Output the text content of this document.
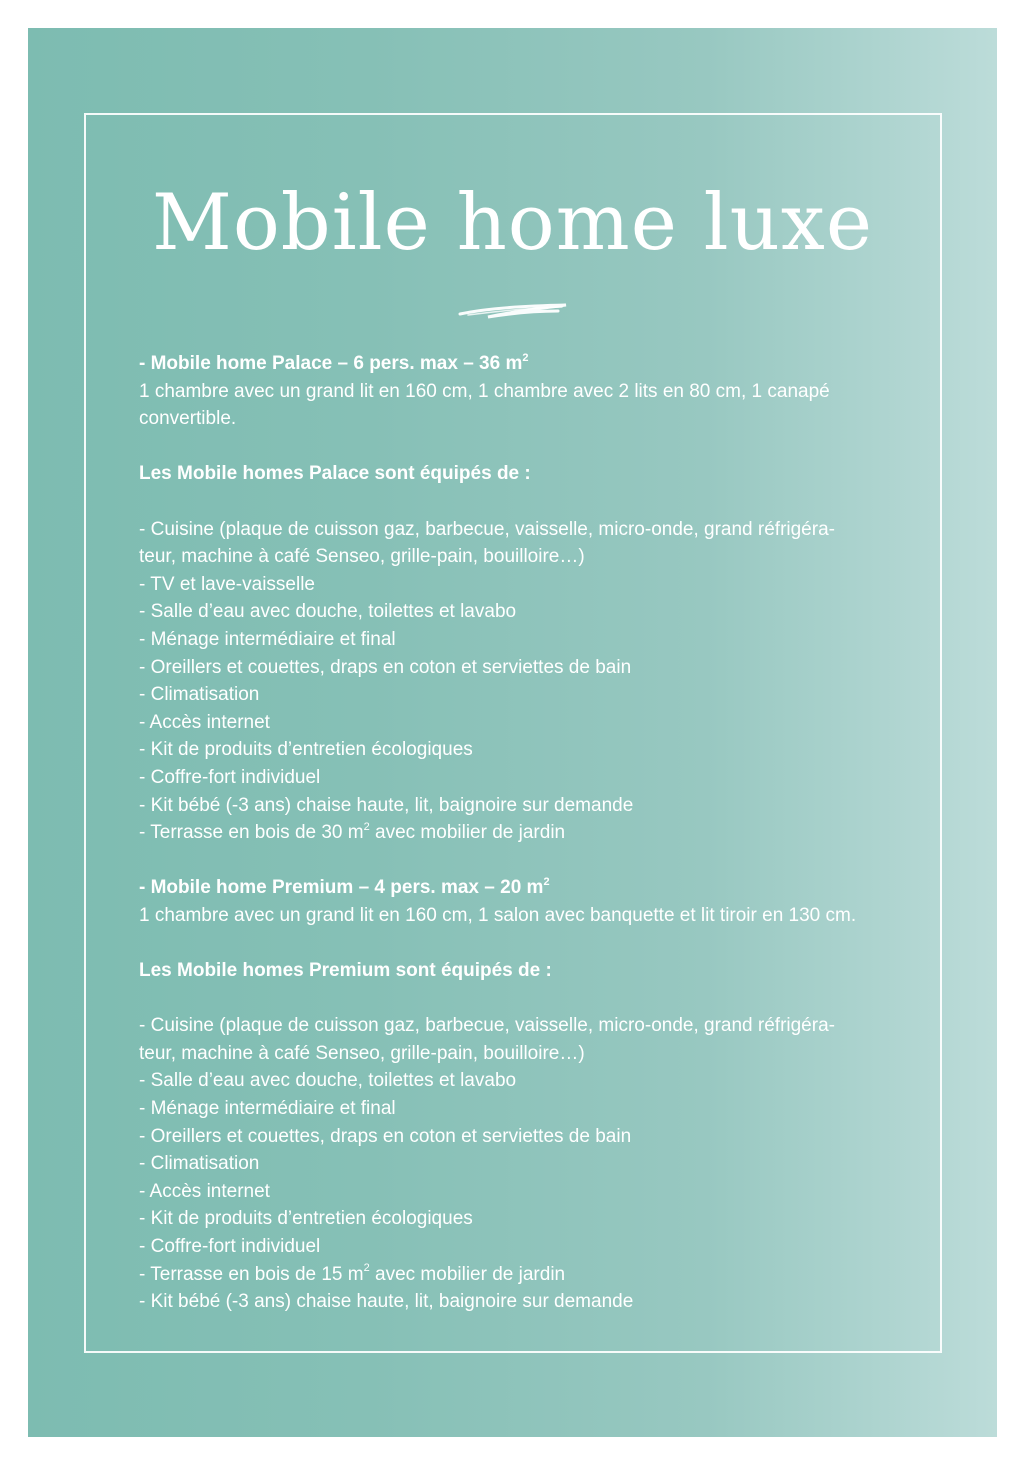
Mobile home luxe

- Mobile home Palace – 6 pers. max – 36 $m^2$

1 chambre avec un grand lit en 160 cm, 1 chambre avec 2 lits en 80 cm, 1 canapé

convertible.

Les Mobile homes Palace sont équipés de :

- Cuisine (plaque de cuisson gaz, barbecue, vaisselle, micro-onde, grand réfrigéra-

teur, machine à café Senseo, grille-pain, bouilloire…)

- TV et lave-vaisselle

- Salle d’eau avec douche, toilettes et lavabo

- Ménage intermédiaire et final

- Oreillers et couettes, draps en coton et serviettes de bain

- Climatisation

- Accès internet

- Kit de produits d’entretien écologiques

- Coffre-fort individuel

- Kit bébé (-3 ans) chaise haute, lit, baignoire sur demande

- Terrasse en bois de 30 $m^2$ avec mobilier de jardin

- Mobile home Premium – 4 pers. max – 20 $m^2$

1 chambre avec un grand lit en 160 cm, 1 salon avec banquette et lit tiroir en 130 cm.

Les Mobile homes Premium sont équipés de :

- Cuisine (plaque de cuisson gaz, barbecue, vaisselle, micro-onde, grand réfrigéra-

teur, machine à café Senseo, grille-pain, bouilloire…)

- Salle d’eau avec douche, toilettes et lavabo

- Ménage intermédiaire et final

- Oreillers et couettes, draps en coton et serviettes de bain

- Climatisation

- Accès internet

- Kit de produits d’entretien écologiques

- Coffre-fort individuel

- Terrasse en bois de 15 $m^2$ avec mobilier de jardin

- Kit bébé (-3 ans) chaise haute, lit, baignoire sur demande
